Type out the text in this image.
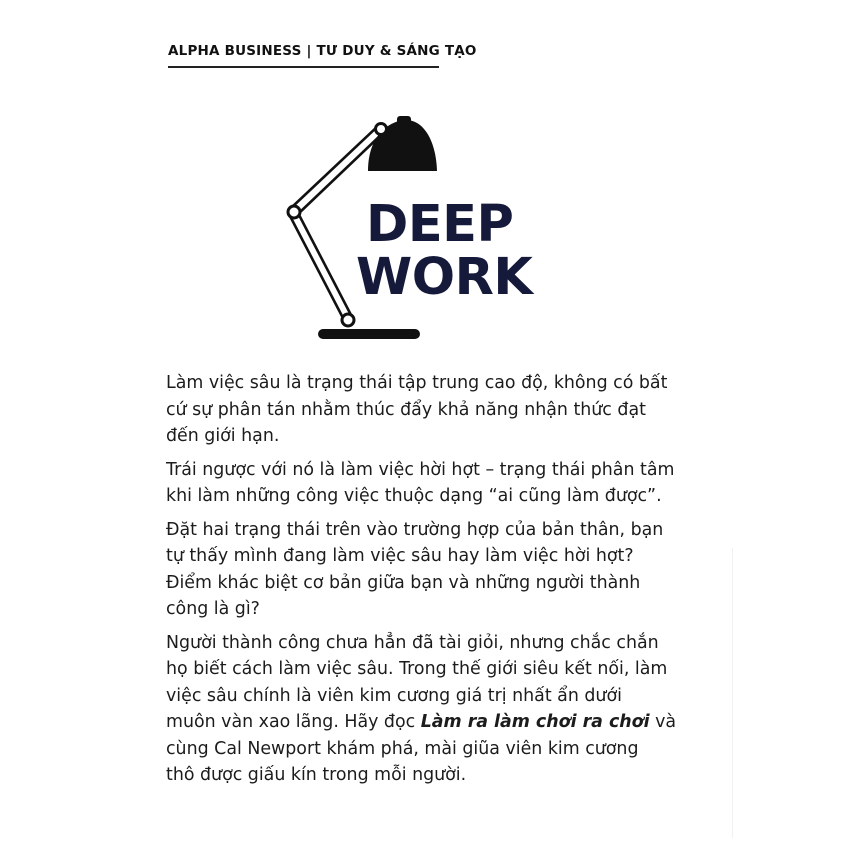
ALPHA BUSINESS | TƯ DUY & SÁNG TẠO
DEEP
WORK

Làm việc sâu là trạng thái tập trung cao độ, không có bất
cứ sự phân tán nhằm thúc đẩy khả năng nhận thức đạt
đến giới hạn.

Trái ngược với nó là làm việc hời hợt – trạng thái phân tâm
khi làm những công việc thuộc dạng “ai cũng làm được”.

Đặt hai trạng thái trên vào trường hợp của bản thân, bạn
tự thấy mình đang làm việc sâu hay làm việc hời hợt?
Điểm khác biệt cơ bản giữa bạn và những người thành
công là gì?

Người thành công chưa hẳn đã tài giỏi, nhưng chắc chắn
họ biết cách làm việc sâu. Trong thế giới siêu kết nối, làm
việc sâu chính là viên kim cương giá trị nhất ẩn dưới
muôn vàn xao lãng. Hãy đọc Làm ra làm chơi ra chơi và
cùng Cal Newport khám phá, mài giũa viên kim cương
thô được giấu kín trong mỗi người.
